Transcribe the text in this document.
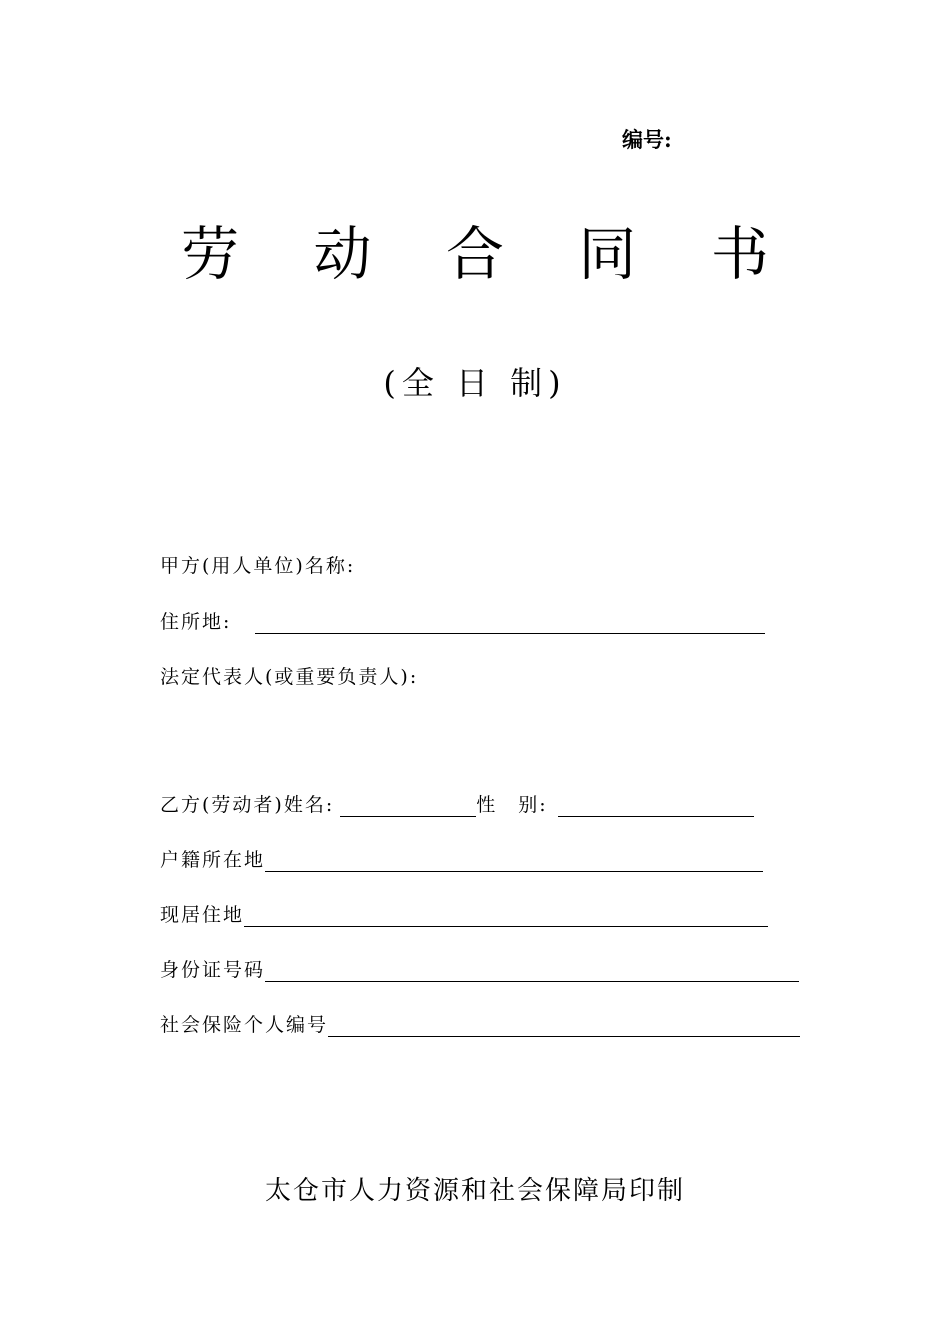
编号:
劳 动 合 同 书
(全 日 制)
甲方(用人单位)名称:
住所地:
法定代表人(或重要负责人):
乙方(劳动者)姓名:	性　别:
户籍所在地
现居住地
身份证号码
社会保险个人编号
太仓市人力资源和社会保障局印制
